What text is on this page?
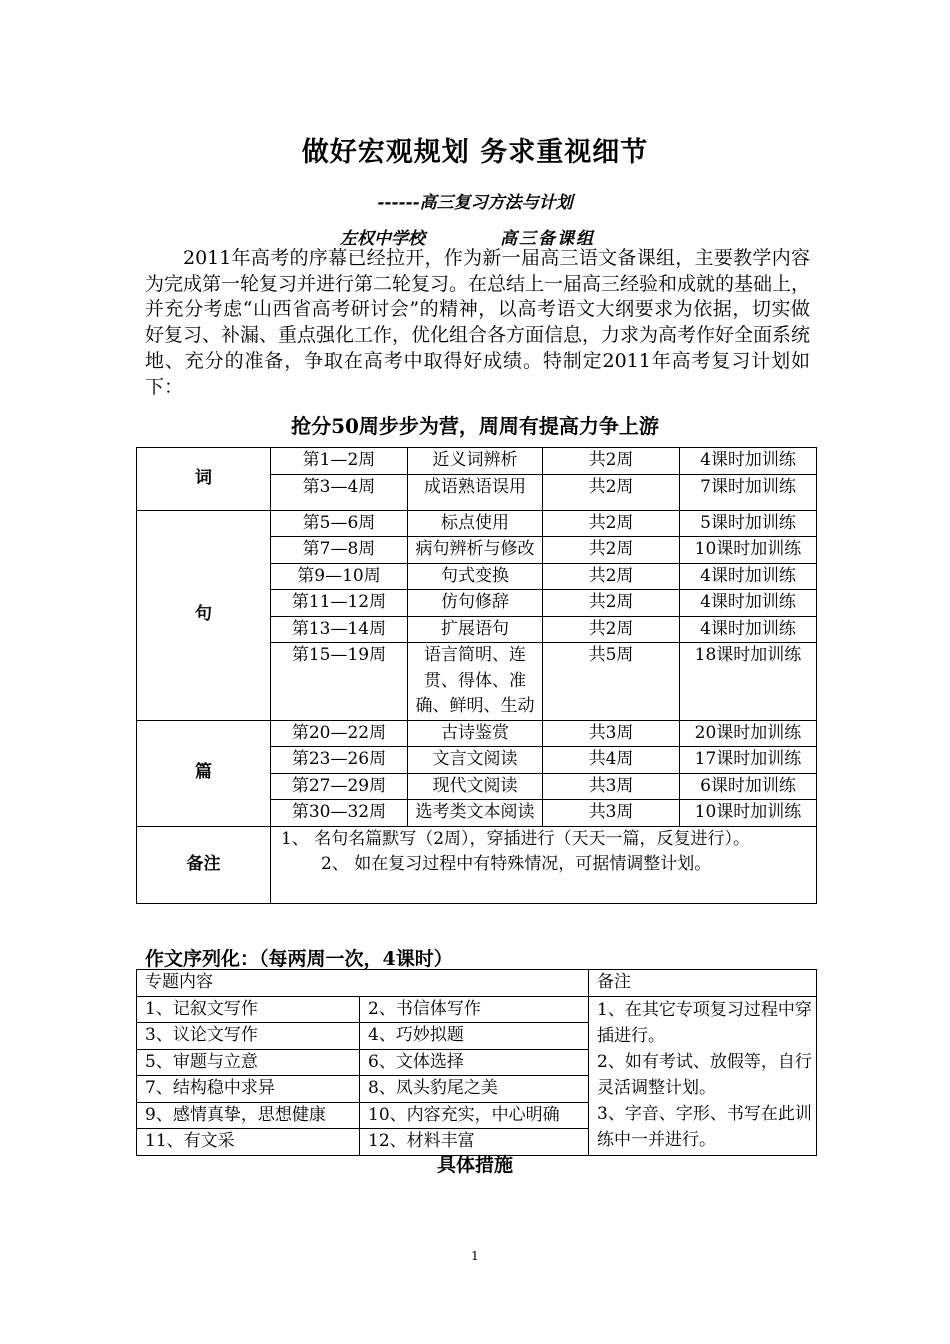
做好宏观规划 务求重视细节
------高三复习方法与计划
左权中学校	高三备课组

2011年高考的序幕已经拉开，作为新一届高三语文备课组，主要教学内容为完成第一轮复习并进行第二轮复习。在总结上一届高三经验和成就的基础上，并充分考虑“山西省高考研讨会”的精神，以高考语文大纲要求为依据，切实做好复习、补漏、重点强化工作，优化组合各方面信息，力求为高考作好全面系统地、充分的准备，争取在高考中取得好成绩。特制定2011年高考复习计划如下：

抢分50周步步为营，周周有提高力争上游
词	第1—2周	近义词辨析	共2周	4课时加训练
	第3—4周	成语熟语误用	共2周	7课时加训练
句	第5—6周	标点使用	共2周	5课时加训练
	第7—8周	病句辨析与修改	共2周	10课时加训练
	第9—10周	句式变换	共2周	4课时加训练
	第11—12周	仿句修辞	共2周	4课时加训练
	第13—14周	扩展语句	共2周	4课时加训练
	第15—19周	语言简明、连贯、得体、准确、鲜明、生动	共5周	18课时加训练
篇	第20—22周	古诗鉴赏	共3周	20课时加训练
	第23—26周	文言文阅读	共4周	17课时加训练
	第27—29周	现代文阅读	共3周	6课时加训练
	第30—32周	选考类文本阅读	共3周	10课时加训练
备注	1、 名句名篇默写（2周），穿插进行（天天一篇，反复进行）。
2、 如在复习过程中有特殊情况，可据情调整计划。			
作文序列化：（每两周一次，4课时）
专题内容		备注
1、记叙文写作	2、书信体写作	1、在其它专项复习过程中穿插进行。
2、如有考试、放假等，自行灵活调整计划。
3、字音、字形、书写在此训练中一并进行。

3、议论文写作	4、巧妙拟题	
5、审题与立意	6、文体选择	
7、结构稳中求异	8、凤头豹尾之美	
9、感情真挚，思想健康	10、内容充实，中心明确	
11、有文采	12、材料丰富	
具体措施
1
